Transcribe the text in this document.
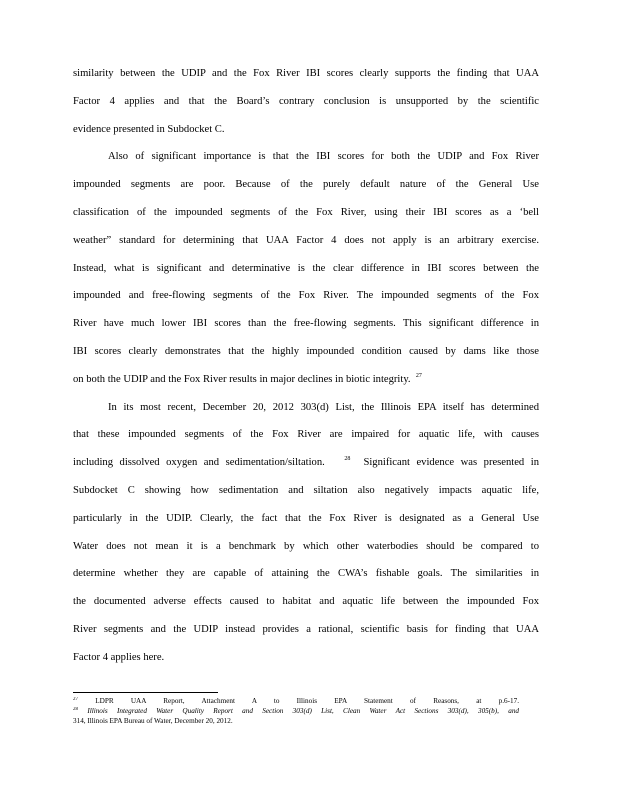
similarity between the UDIP and the Fox River IBI scores clearly supports the finding that UAA
Factor 4 applies and that the Board’s contrary conclusion is unsupported by the scientific
evidence presented in Subdocket C.
Also of significant importance is that the IBI scores for both the UDIP and Fox River
impounded segments are poor. Because of the purely default nature of the General Use
classification of the impounded segments of the Fox River, using their IBI scores as a ‘bell
weather” standard for determining that UAA Factor 4 does not apply is an arbitrary exercise.
Instead, what is significant and determinative is the clear difference in IBI scores between the
impounded and free-flowing segments of the Fox River. The impounded segments of the Fox
River have much lower IBI scores than the free-flowing segments. This significant difference in
IBI scores clearly demonstrates that the highly impounded condition caused by dams like those
on both the UDIP and the Fox River results in major declines in biotic integrity. $^{27}$
In its most recent, December 20, 2012 303(d) List, the Illinois EPA itself has determined
that these impounded segments of the Fox River are impaired for aquatic life, with causes
including dissolved oxygen and sedimentation/siltation.	$^{28}$ Significant evidence was presented in
Subdocket C showing how sedimentation and siltation also negatively impacts aquatic life,
particularly in the UDIP. Clearly, the fact that the Fox River is designated as a General Use
Water does not mean it is a benchmark by which other waterbodies should be compared to
determine whether they are capable of attaining the CWA’s fishable goals. The similarities in
the documented adverse effects caused to habitat and aquatic life between the impounded Fox
River segments and the UDIP instead provides a rational, scientific basis for finding that UAA
Factor 4 applies here.
$^{27}$ LDPR UAA Report, Attachment A to Illinois EPA Statement of Reasons, at p.6-17.
$^{28}$ Illinois Integrated Water Quality Report and Section 303(d) List, Clean Water Act Sections 303(d), 305(b), and
314, Illinois EPA Bureau of Water, December 20, 2012.
